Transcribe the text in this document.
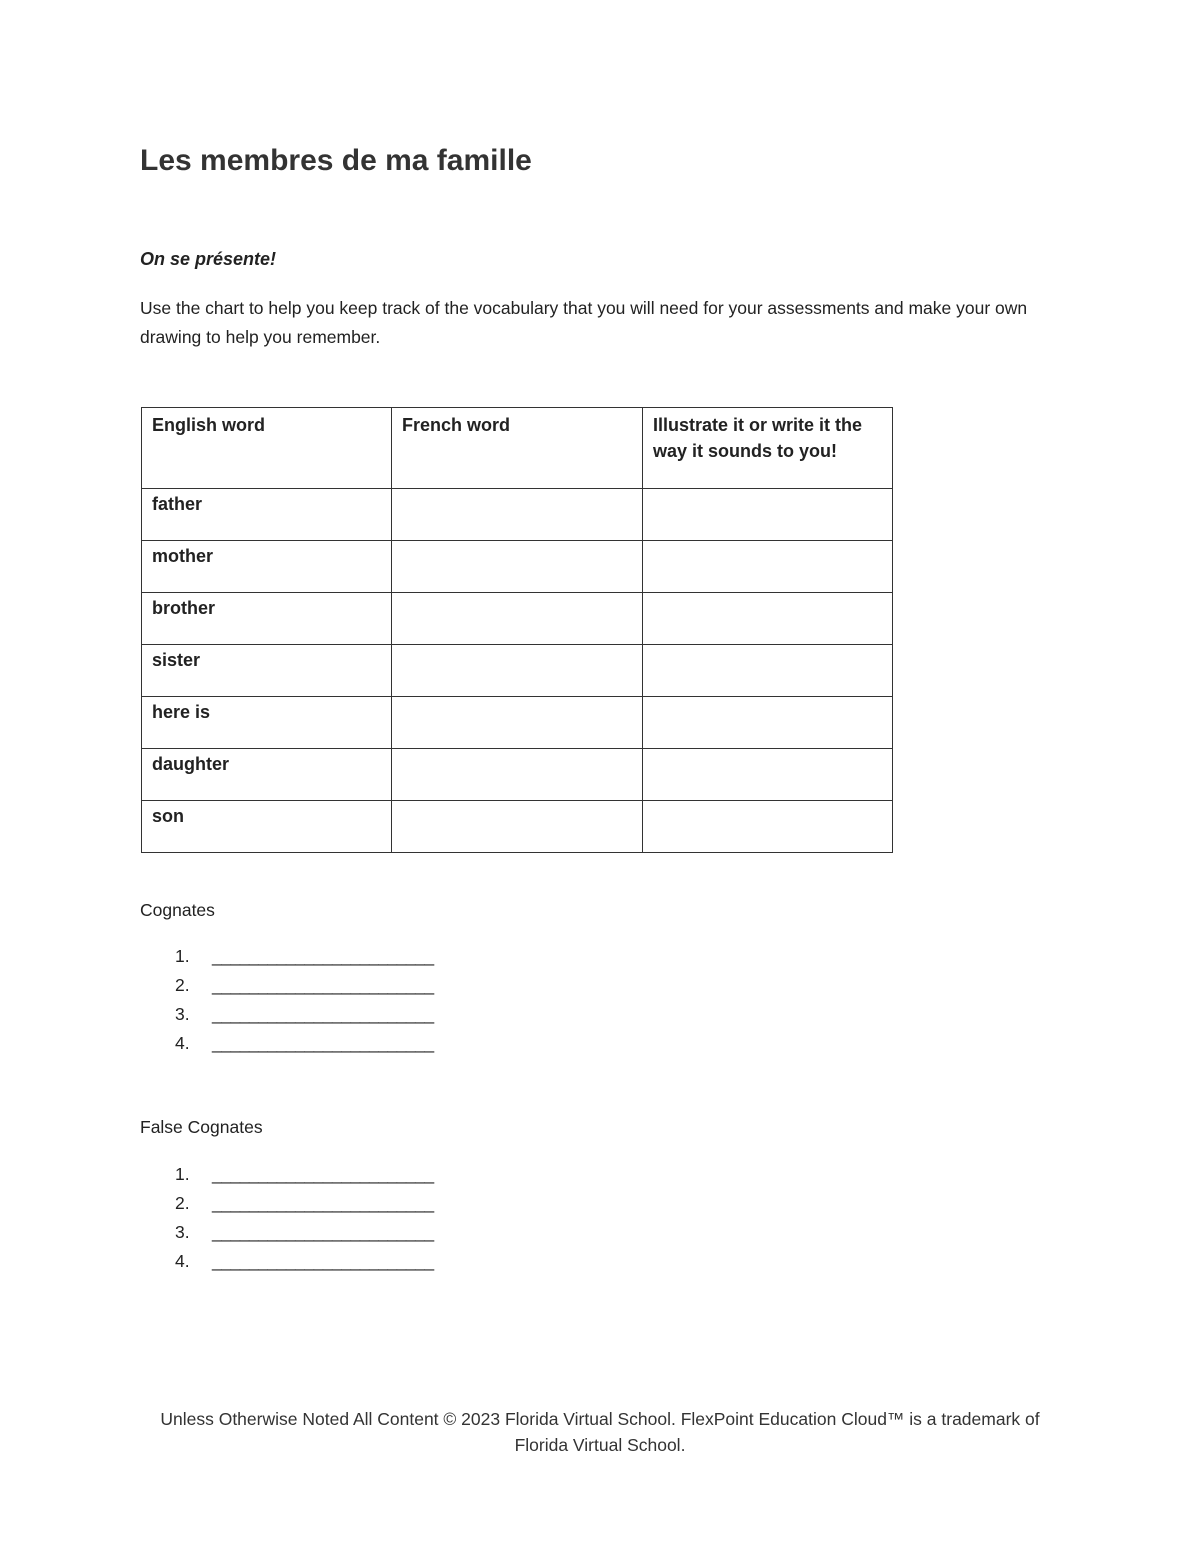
Les membres de ma famille

On se présente!

Use the chart to help you keep track of the vocabulary that you will need for your assessments and make your own drawing to help you remember.

English word	French word	Illustrate it or write it the way it sounds to you!
father		
mother		
brother		
sister		
here is		
daughter		
son		

Cognates

1.	________________________
2.	________________________
3.	________________________
4.	________________________

False Cognates

1.	________________________
2.	________________________
3.	________________________
4.	________________________

Unless Otherwise Noted All Content © 2023 Florida Virtual School. FlexPoint Education Cloud™ is a trademark of Florida Virtual School.
